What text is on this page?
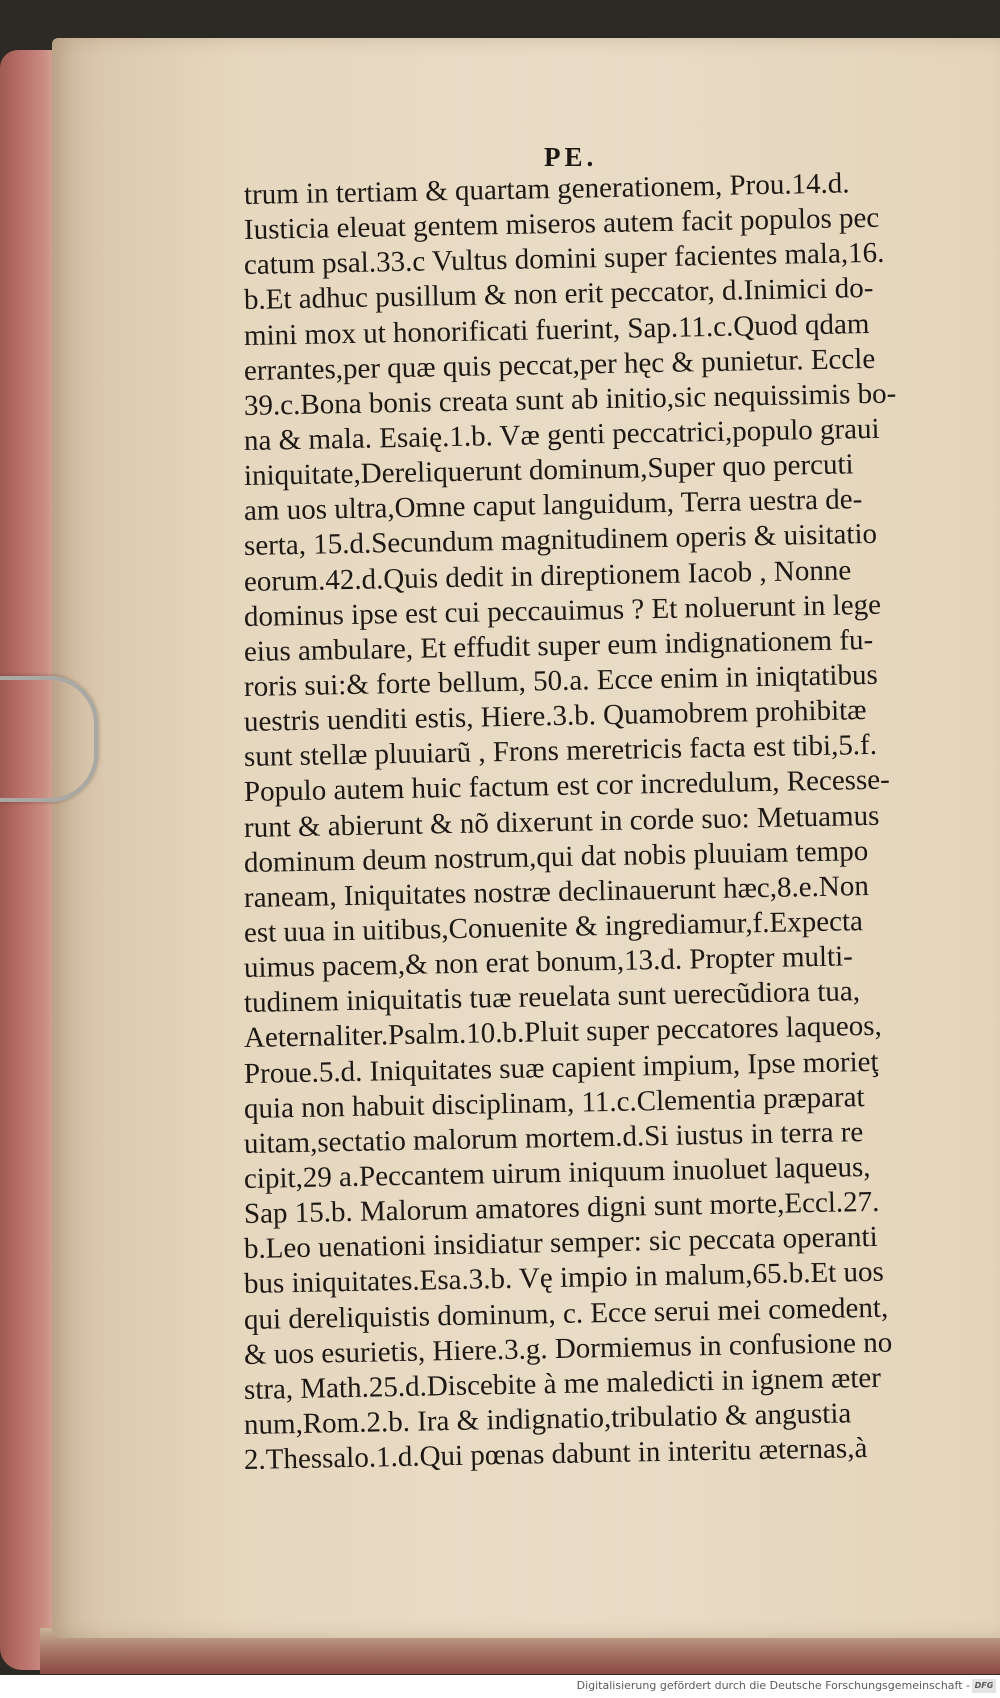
PE.

trum in tertiam & quartam generationem, Prou.14.d.
Iusticia eleuat gentem miseros autem facit populos pec
catum psal.33.c Vultus domini super facientes mala,16.
b.Et adhuc pusillum & non erit peccator, d.Inimici do-
mini mox ut honorificati fuerint, Sap.11.c.Quod qdam
errantes,per quæ quis peccat,per hęc & punietur. Eccle
39.c.Bona bonis creata sunt ab initio,sic nequissimis bo-
na & mala. Esaię.1.b. Væ genti peccatrici,populo graui
iniquitate,Dereliquerunt dominum,Super quo percuti
am uos ultra,Omne caput languidum, Terra uestra de-
serta, 15.d.Secundum magnitudinem operis & uisitatio
eorum.42.d.Quis dedit in direptionem Iacob , Nonne
dominus ipse est cui peccauimus ? Et noluerunt in lege
eius ambulare, Et effudit super eum indignationem fu-
roris sui:& forte bellum, 50.a. Ecce enim in iniqtatibus
uestris uenditi estis, Hiere.3.b. Quamobrem prohibitæ
sunt stellæ pluuiarũ , Frons meretricis facta est tibi,5.f.
Populo autem huic factum est cor incredulum, Recesse-
runt & abierunt & nõ dixerunt in corde suo: Metuamus
dominum deum nostrum,qui dat nobis pluuiam tempo
raneam, Iniquitates nostræ declinauerunt hæc,8.e.Non
est uua in uitibus,Conuenite & ingrediamur,f.Expecta
uimus pacem,& non erat bonum,13.d. Propter multi-
tudinem iniquitatis tuæ reuelata sunt uerecũdiora tua,
Aeternaliter.Psalm.10.b.Pluit super peccatores laqueos,
Proue.5.d. Iniquitates suæ capient impium, Ipse morieţ
quia non habuit disciplinam, 11.c.Clementia præparat
uitam,sectatio malorum mortem.d.Si iustus in terra re
cipit,29 a.Peccantem uirum iniquum inuoluet laqueus,
Sap 15.b. Malorum amatores digni sunt morte,Eccl.27.
b.Leo uenationi insidiatur semper: sic peccata operanti
bus iniquitates.Esa.3.b. Vę impio in malum,65.b.Et uos
qui dereliquistis dominum, c. Ecce serui mei comedent,
& uos esurietis, Hiere.3.g. Dormiemus in confusione no
stra, Math.25.d.Discebite à me maledicti in ignem æter
num,Rom.2.b. Ira & indignatio,tribulatio & angustia
2.Thessalo.1.d.Qui pœnas dabunt in interitu æternas,à

Digitalisierung gefördert durch die Deutsche Forschungsgemeinschaft - DFG
